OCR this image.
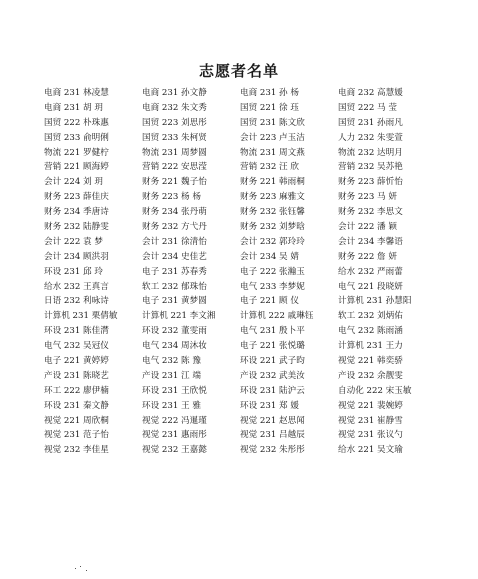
志愿者名单
电商 231 林凌慧	电商 231 孙文静	电商 231 孙 杨	电商 232 高慧媛
电商 231 胡 玥	电商 232 朱文秀	国贸 221 徐 珏	国贸 222 马 莹
国贸 222 朴珠惠	国贸 223 刘思彤	国贸 231 陈文欣	国贸 231 孙雨凡
国贸 233 俞明俐	国贸 233 朱柯贤	会计 223 卢玉洁	人力 232 朱雯萱
物流 221 罗健柠	物流 231 周梦圆	物流 231 周文燕	物流 232 达明月
营销 221 顾海婷	营销 222 安思滢	营销 232 汪 欣	营销 232 吴苏艳
会计 224 刘 玥	财务 221 魏子怡	财务 221 韩雨桐	财务 223 薛忻怡
财务 223 薛佳庆	财务 223 杨 杨	财务 223 麻雅文	财务 223 马 妍
财务 234 季唐诗	财务 234 张丹萌	财务 232 张钰馨	财务 232 李思文
财务 232 陆静雯	财务 232 方弋丹	财务 232 刘梦晗	会计 222 潘 颖
会计 222 袁 梦	会计 231 徐清怡	会计 232 郭玲玲	会计 234 李馨语
会计 234 顾洪羽	会计 234 史佳艺	会计 234 吴 婧	财务 222 詹 妍
环设 231 邱 玲	电子 231 苏春秀	电子 222 张瀚玉	给水 232 严雨蕾
给水 232 王真言	软工 232 郁珠怡	电气 233 李梦妮	电气 221 段晓妍
日语 232 利咏诗	电子 231 黄梦圆	电子 221 顾 仪	计算机 231 孙慧阳
计算机 231 栗倩敏	计算机 221 李文湘	计算机 222 戚琳钰	软工 232 刘炳佑
环设 231 陈佳潸	环设 232 董雯雨	电气 231 殷卜平	电气 232 陈雨涵
电气 232 吴冠仪	电气 234 周沐妆	电子 221 张悦璐	计算机 231 王力
电子 221 黄婷婷	电气 232 陈 豫	环设 221 武子昀	视觉 221 韩奕骄
产设 231 陈晓艺	产设 231 江 端	产设 232 武美汝	产设 232 余靓雯
环工 222 廖伊楠	环设 231 王欣悦	环设 231 陆沪云	自动化 222 宋玉敏
环设 231 秦文静	环设 231 王 雅	环设 231 郑 媛	视觉 221 裴婉婷
视觉 221 周欣桐	视觉 222 冯暹瑾	视觉 221 赵思闻	视觉 231 崔静雪
视觉 231 范子怡	视觉 231 惠雨彤	视觉 231 吕越辰	视觉 231 张议勺
视觉 232 李佳星	视觉 232 王嘉懿	视觉 232 朱彤彤	给水 221 吴文瑜
